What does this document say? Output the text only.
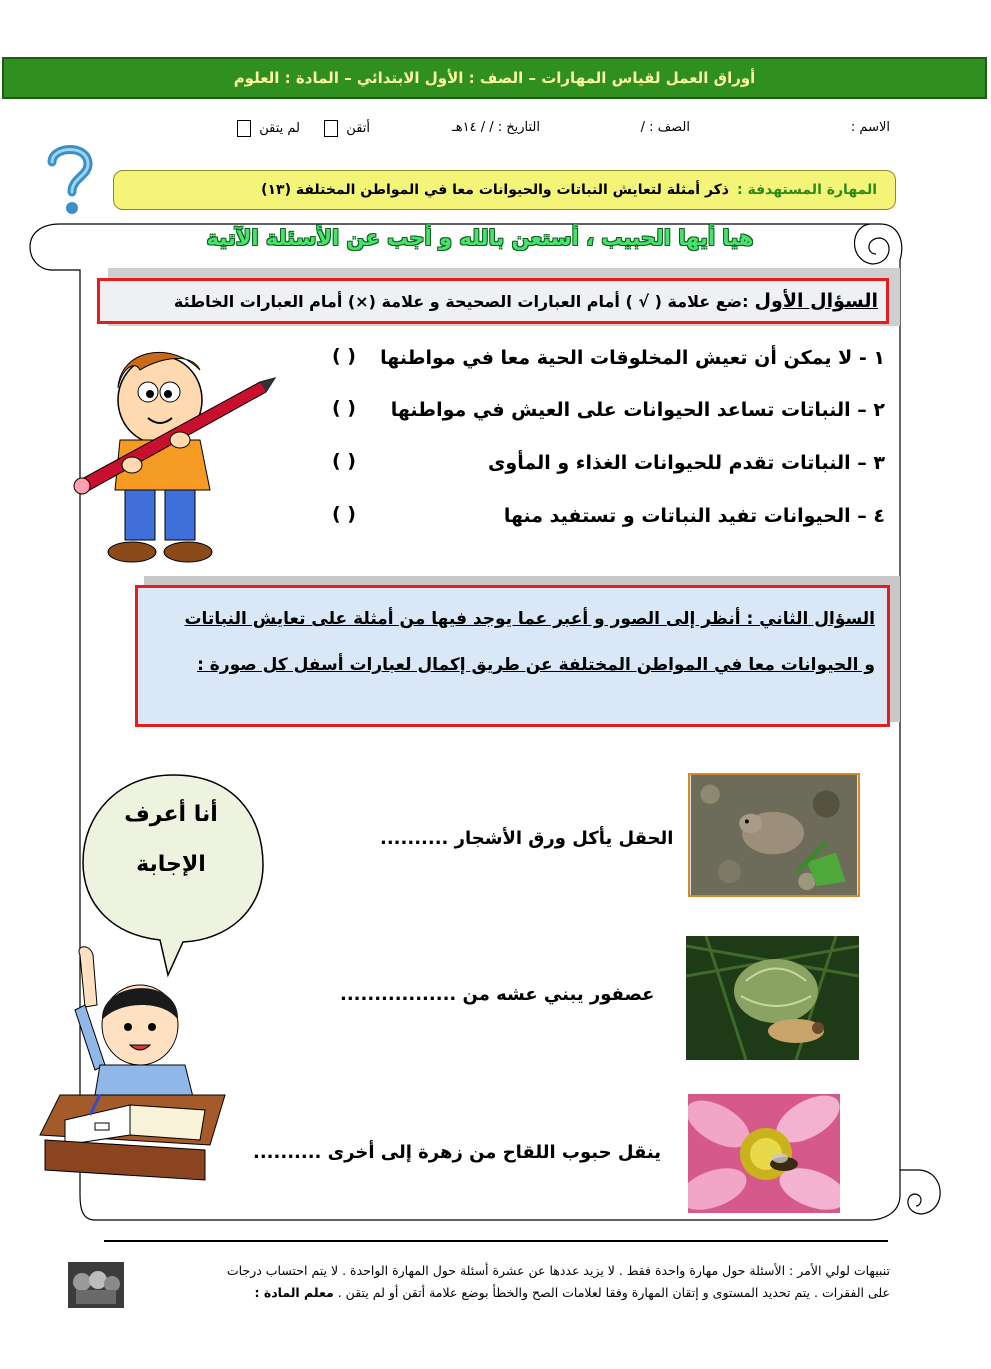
أوراق العمل لقياس المهارات – الصف : الأول الابتدائي – المادة : العلوم
الاسم :
الصف : /
التاريخ : / / ١٤هـ
أتقن
لم يتقن
المهارة المستهدفة :
ذكر أمثلة لتعايش النباتات والحيوانات معا في المواطن المختلفة (١٣)
هيا أيها الحبيب ، أستعن بالله و أجب عن الأسئلة الآتية
السؤال الأول
:ضع علامة ( √ ) أمام العبارات الصحيحة و علامة (×) أمام العبارات الخاطئة
١ - لا يمكن أن تعيش المخلوقات الحية معا في مواطنها
( )
٢ – النباتات تساعد الحيوانات على العيش في مواطنها
( )
٣ – النباتات تقدم للحيوانات الغذاء و المأوى
( )
٤ – الحيوانات تفيد النباتات و تستفيد منها
( )
السؤال الثاني : أنظر إلى الصور و أعبر عما يوجد فيها من أمثلة على تعايش النباتات
و الحيوانات معا في المواطن المختلفة عن طريق إكمال لعبارات أسفل كل صورة :
الحقل يأكل ورق الأشجار ..........
عصفور يبني عشه من .................
ينقل حبوب اللقاح من زهرة إلى أخرى ..........
أنا أعرف
الإجابة
تنبيهات لولي الأمر : الأسئلة حول مهارة واحدة فقط . لا يزيد عددها عن عشرة أسئلة حول المهارة الواحدة . لا يتم احتساب درجات
على الفقرات . يتم تحديد المستوى و إتقان المهارة وفقا لعلامات الصح والخطأ بوضع علامة أتقن أو لم يتقن . معلم المادة :
